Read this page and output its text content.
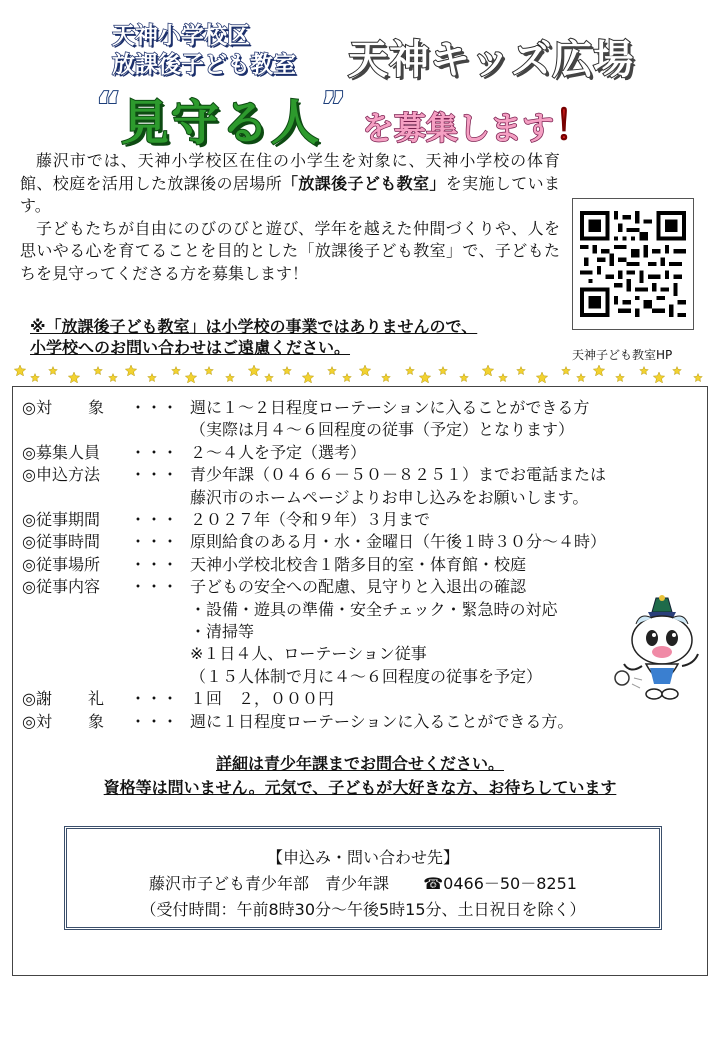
天神小学校区
放課後子ども教室	天神キッズ広場
“見守る人” を募集します！

藤沢市では、天神小学校区在住の小学生を対象に、天神小学校の体育館、校庭を活用した放課後の居場所「放課後子ども教室」を実施しています。

子どもたちが自由にのびのびと遊び、学年を越えた仲間づくりや、人を思いやる心を育てることを目的とした「放課後子ども教室」で、子どもたちを見守ってくださる方を募集します！

※「放課後子ども教室」は小学校の事業ではありませんので、
小学校へのお問い合わせはご遠慮ください。	天神子ども教室HP
◎対 象	・・・ 週に１～２日程度ローテーションに入ることができる方
（実際は月４～６回程度の従事（予定）となります）
◎募集人員	・・・ ２～４人を予定（選考）
◎申込方法	・・・ 青少年課（０４６６－５０－８２５１）までお電話または
藤沢市のホームページよりお申し込みをお願いします。
◎従事期間	・・・ ２０２７年（令和９年）３月まで
◎従事時間	・・・ 原則給食のある月・水・金曜日（午後１時３０分～４時）
◎従事場所	・・・ 天神小学校北校舎１階多目的室・体育館・校庭
◎従事内容	・・・ 子どもの安全への配慮、見守りと入退出の確認
・設備・遊具の準備・安全チェック・緊急時の対応
・清掃等
※１日４人、ローテーション従事
（１５人体制で月に４～６回程度の従事を予定）
◎謝 礼	・・・ １回　２，０００円
◎対 象	・・・ 週に１日程度ローテーションに入ることができる方。
詳細は青少年課までお問合せください。
資格等は問いません。元気で、子どもが大好きな方、お待ちしています
【申込み・問い合わせ先】
藤沢市子ども青少年部　青少年課 ☎0466－50－8251
（受付時間：午前8時30分～午後5時15分、土日祝日を除く）
